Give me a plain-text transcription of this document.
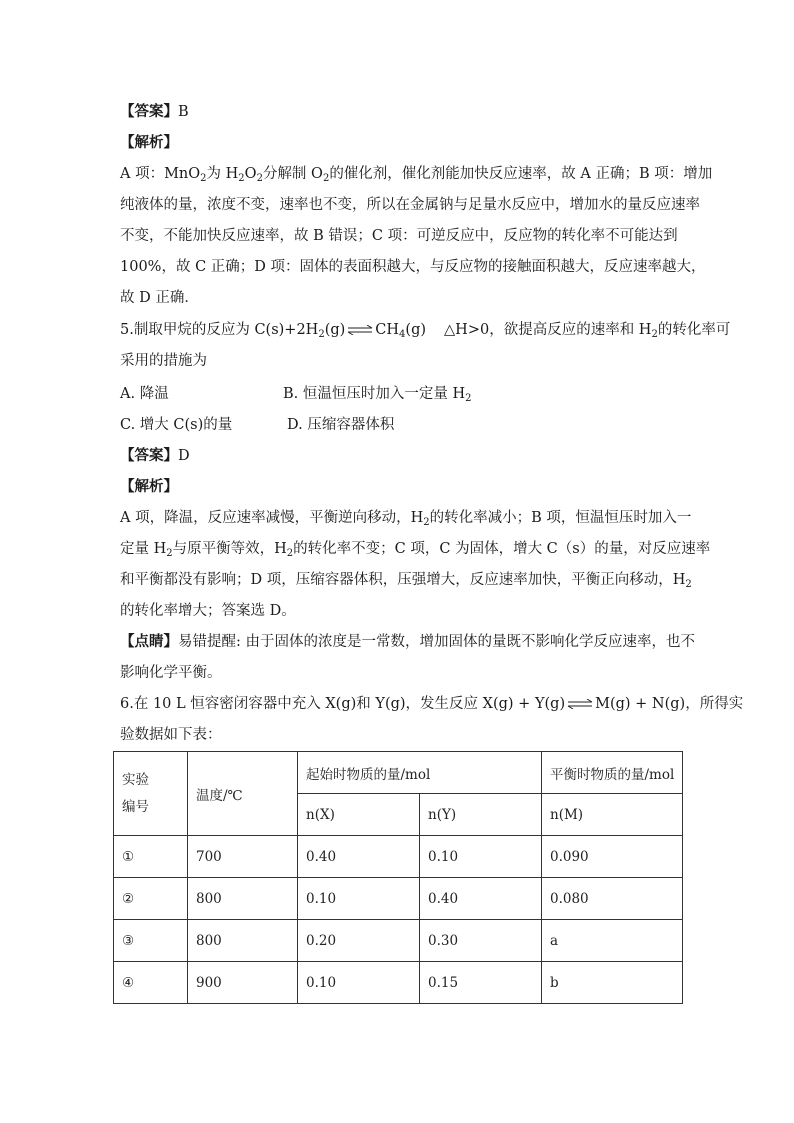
【答案】B
【解析】
A 项：MnO$_2$为 $H_2O_2$分解制 $O_2$的催化剂，催化剂能加快反应速率，故 A 正确；B 项：增加
纯液体的量，浓度不变，速率也不变，所以在金属钠与足量水反应中，增加水的量反应速率
不变，不能加快反应速率，故 B 错误；C 项：可逆反应中，反应物的转化率不可能达到
100%，故 C 正确；D 项：固体的表面积越大，与反应物的接触面积越大，反应速率越大，
故 D 正确．
5.制取甲烷的反应为 $C(s)+2H_2(g)$ ⇌ $CH_4(g)$ △H>0，欲提高反应的速率和 $H_2$的转化率可
采用的措施为
A. 降温	B. 恒温恒压时加入一定量 $H_2$
C. 增大 C(s)的量	D. 压缩容器体积
【答案】D
【解析】
A 项，降温，反应速率减慢，平衡逆向移动，$H_2$的转化率减小；B 项，恒温恒压时加入一
定量 $H_2$与原平衡等效，$H_2$的转化率不变；C 项，C 为固体，增大 C（s）的量，对反应速率
和平衡都没有影响；D 项，压缩容器体积，压强增大，反应速率加快，平衡正向移动，$H_2$
的转化率增大；答案选 D。
【点睛】易错提醒: 由于固体的浓度是一常数，增加固体的量既不影响化学反应速率，也不
影响化学平衡。
6.在 10 L 恒容密闭容器中充入 X(g)和 Y(g)，发生反应 X(g) + Y(g) ⇌ M(g) + N(g)，所得实
验数据如下表：
实验
编号	温度/℃	起始时物质的量/mol		平衡时物质的量/mol
		n(X)	n(Y)	n(M)
①	700	0.40	0.10	0.090
②	800	0.10	0.40	0.080
③	800	0.20	0.30	a
④	900	0.10	0.15	b
